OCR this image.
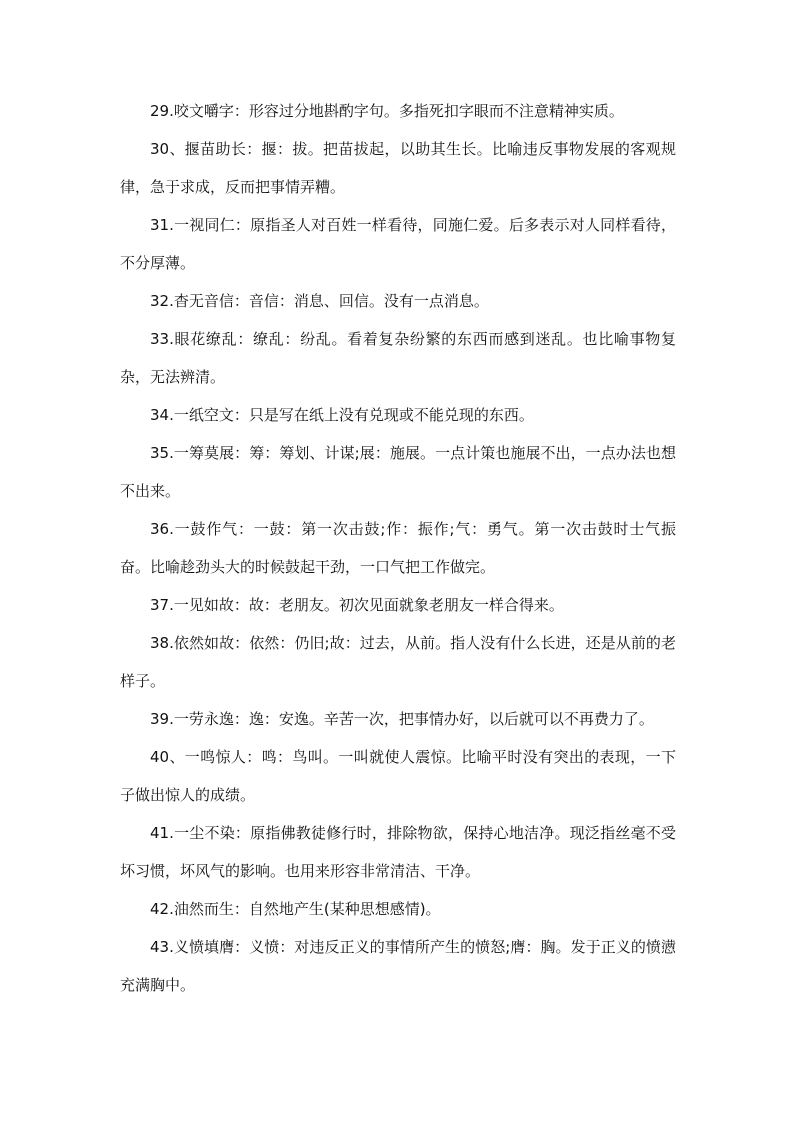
29.咬文嚼字：形容过分地斟酌字句。多指死扣字眼而不注意精神实质。

30、揠苗助长：揠：拔。把苗拔起，以助其生长。比喻违反事物发展的客观规律，急于求成，反而把事情弄糟。

31.一视同仁：原指圣人对百姓一样看待，同施仁爱。后多表示对人同样看待，不分厚薄。

32.杳无音信：音信：消息、回信。没有一点消息。

33.眼花缭乱：缭乱：纷乱。看着复杂纷繁的东西而感到迷乱。也比喻事物复杂，无法辨清。

34.一纸空文：只是写在纸上没有兑现或不能兑现的东西。

35.一筹莫展：筹：筹划、计谋;展：施展。一点计策也施展不出，一点办法也想不出来。

36.一鼓作气：一鼓：第一次击鼓;作：振作;气：勇气。第一次击鼓时士气振奋。比喻趁劲头大的时候鼓起干劲，一口气把工作做完。

37.一见如故：故：老朋友。初次见面就象老朋友一样合得来。

38.依然如故：依然：仍旧;故：过去，从前。指人没有什么长进，还是从前的老样子。

39.一劳永逸：逸：安逸。辛苦一次，把事情办好，以后就可以不再费力了。

40、一鸣惊人：鸣：鸟叫。一叫就使人震惊。比喻平时没有突出的表现，一下子做出惊人的成绩。

41.一尘不染：原指佛教徒修行时，排除物欲，保持心地洁净。现泛指丝毫不受坏习惯，坏风气的影响。也用来形容非常清洁、干净。

42.油然而生：自然地产生(某种思想感情)。

43.义愤填膺：义愤：对违反正义的事情所产生的愤怒;膺：胸。发于正义的愤懑充满胸中。
